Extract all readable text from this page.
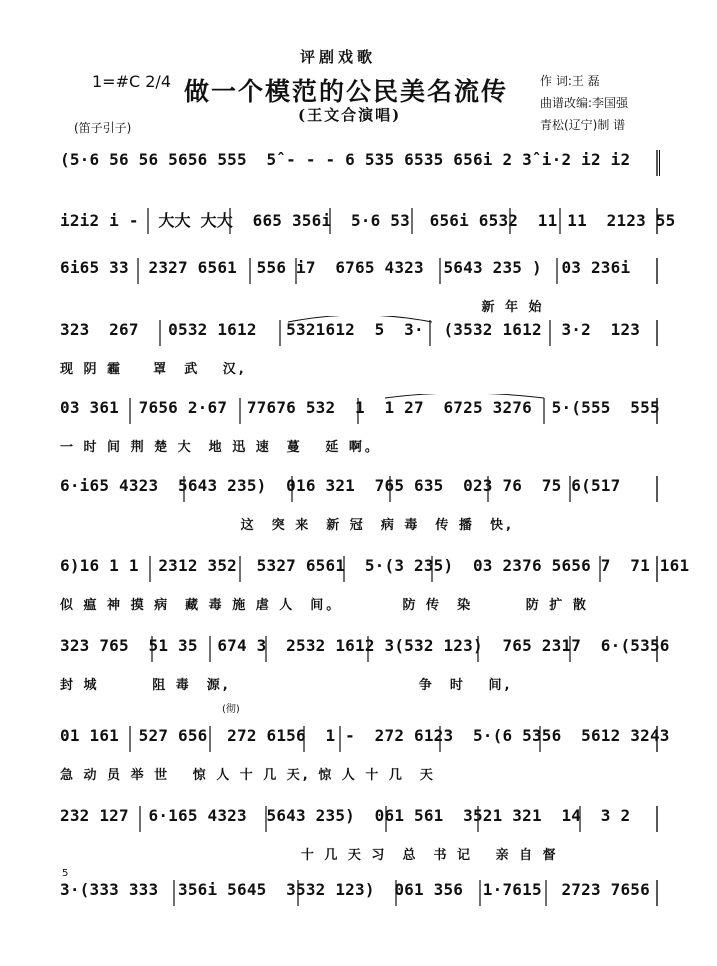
评剧戏歌
1=#C 2/4 做一个模范的公民美名流传
(王文合演唱)
作 词:王 磊
曲谱改编:李国强
青松(辽宁)制 谱
(笛子引子)
(5·6 56 56 5656 555  5̂ - - - 6 535 6535 656i 2 3̂ i·2 i2 i2
i2i2 i -  大大 大大  665 356i  5·6 53  656i 6532  11 11  2123 55
6i65 33  2327 6561  556 i7  6765 4323  5643 235 )  03 236i
新 年 始
323  267   0532 1612   5321612  5  3·  (3532 1612  3·2  123
现 阴 霾    罩  武   汉,
03 361  7656 2·67  77676 532  1  1 27  6725 3276  5·(555  555
一 时 间 荆 楚 大  地 迅 速  蔓   延 啊。
6·i65 4323  5643 235)  016 321  765 635  023 76  75 6(517
这  突 来  新 冠  病 毒  传 播  快,
6)16 1 1  2312 352  5327 6561  5·(3 235)  03 2376 5656 7  71 161
似 瘟 神 摸 病  藏 毒 施 虐 人  间。        防 传  染       防 扩 散
323 765  51 35  674 3  2532 1612 3(532 123)  765 2317  6·(5356
封 城       阻 毒  源,                         争  时   间,
(彻)
01 161  527 656  272 6156  1 -  272 6123  5·(6 5356  5612 3243
急 动 员 举 世   惊 人 十 几 天, 惊 人 十 几  天
232 127  6·165 4323  5643 235)  061 561  3521 321  14  3 2
十 几 天 习  总  书 记   亲 自 督
5
3·(333 333  356i 5645  3532 123)  061 356  1·7615  2723 7656
